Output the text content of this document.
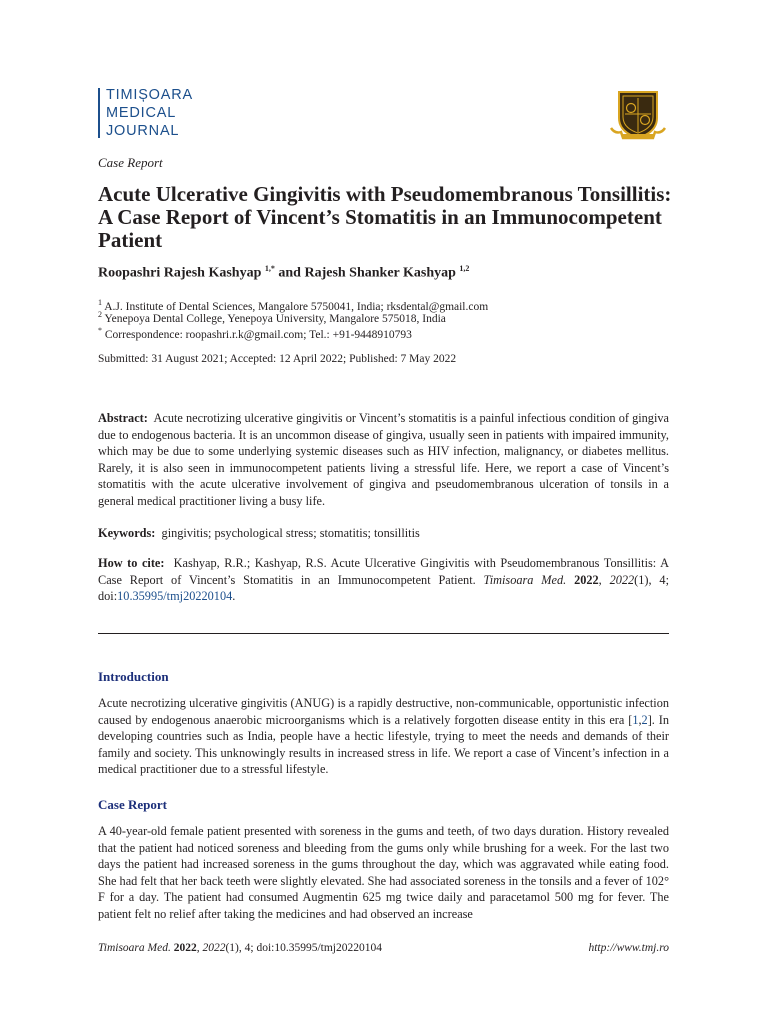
TIMIȘOARA
MEDICAL
JOURNAL
Case Report
Acute Ulcerative Gingivitis with Pseudomembranous Tonsillitis: A Case Report of Vincent’s Stomatitis in an Immunocompetent Patient
Roopashri Rajesh Kashyap $^{1,*}$ and Rajesh Shanker Kashyap $^{1,2}$
$^1$ A.J. Institute of Dental Sciences, Mangalore 5750041, India; rksdental@gmail.com
$^2$ Yenepoya Dental College, Yenepoya University, Mangalore 575018, India
* Correspondence: roopashri.r.k@gmail.com; Tel.: +91-9448910793
Submitted: 31 August 2021; Accepted: 12 April 2022; Published: 7 May 2022

Abstract: Acute necrotizing ulcerative gingivitis or Vincent’s stomatitis is a painful infectious condition of gingiva due to endogenous bacteria. It is an uncommon disease of gingiva, usually seen in patients with impaired immunity, which may be due to some underlying systemic diseases such as HIV infection, malignancy, or diabetes mellitus. Rarely, it is also seen in immunocompetent patients living a stressful life. Here, we report a case of Vincent’s stomatitis with the acute ulcerative involvement of gingiva and pseudomembranous ulceration of tonsils in a general medical practitioner living a busy life.

Keywords: gingivitis; psychological stress; stomatitis; tonsillitis

How to cite: Kashyap, R.R.; Kashyap, R.S. Acute Ulcerative Gingivitis with Pseudomembranous Tonsillitis: A Case Report of Vincent’s Stomatitis in an Immunocompetent Patient. Timisoara Med. 2022, 2022(1), 4; doi:10.35995/tmj20220104.

Introduction

Acute necrotizing ulcerative gingivitis (ANUG) is a rapidly destructive, non-communicable, opportunistic infection caused by endogenous anaerobic microorganisms which is a relatively forgotten disease entity in this era [1,2]. In developing countries such as India, people have a hectic lifestyle, trying to meet the needs and demands of their family and society. This unknowingly results in increased stress in life. We report a case of Vincent’s infection in a medical practitioner due to a stressful lifestyle.

Case Report

A 40-year-old female patient presented with soreness in the gums and teeth, of two days duration. History revealed that the patient had noticed soreness and bleeding from the gums only while brushing for a week. For the last two days the patient had increased soreness in the gums throughout the day, which was aggravated while eating food. She had felt that her back teeth were slightly elevated. She had associated soreness in the tonsils and a fever of 102° F for a day. The patient had consumed Augmentin 625 mg twice daily and paracetamol 500 mg for fever. The patient felt no relief after taking the medicines and had observed an increase

Timisoara Med. 2022, 2022(1), 4; doi:10.35995/tmj20220104	http://www.tmj.ro
